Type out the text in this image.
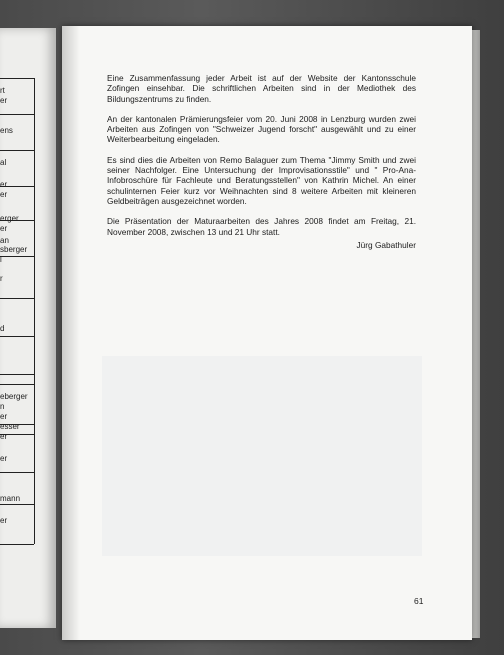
rt
er
ens
al
er
er
erger
er
an
sberger
l
r
d
eberger
n
er
esser
er
er
mann
er

Eine Zusammenfassung jeder Arbeit ist auf der Website der Kantonsschule Zofingen einsehbar. Die schriftlichen Arbeiten sind in der Mediothek des Bildungszentrums zu finden.

An der kantonalen Prämierungsfeier vom 20. Juni 2008 in Lenzburg wurden zwei Arbeiten aus Zofingen von "Schweizer Jugend forscht" ausgewählt und zu einer Weiterbearbeitung eingeladen.

Es sind dies die Arbeiten von Remo Balaguer zum Thema "Jimmy Smith und zwei seiner Nachfolger. Eine Untersuchung der Improvisationsstile" und " Pro-Ana-Infobroschüre für Fachleute und Beratungsstellen" von Kathrin Michel. An einer schulinternen Feier kurz vor Weihnachten sind 8 weitere Arbeiten mit kleineren Geldbeiträgen ausgezeichnet worden.

Die Präsentation der Maturaarbeiten des Jahres 2008 findet am Freitag, 21. November 2008, zwischen 13 und 21 Uhr statt.

Jürg Gabathuler
61
